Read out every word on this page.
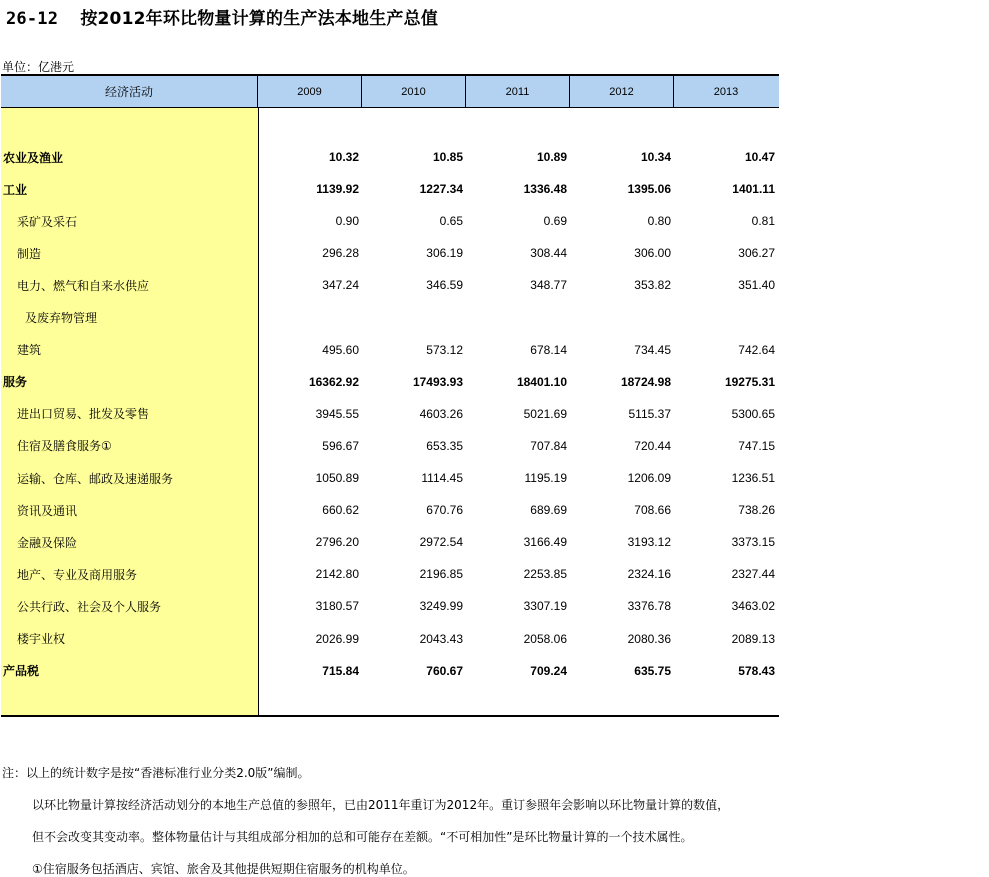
26-12 按2012年环比物量计算的生产法本地生产总值
单位：亿港元
经济活动	2009	2010	2011	2012	2013
农业及渔业	10.32	10.85	10.89	10.34	10.47
工业	1139.92	1227.34	1336.48	1395.06	1401.11
采矿及采石	0.90	0.65	0.69	0.80	0.81
制造	296.28	306.19	308.44	306.00	306.27
电力、燃气和自来水供应	347.24	346.59	348.77	353.82	351.40
及废弃物管理
建筑	495.60	573.12	678.14	734.45	742.64
服务	16362.92	17493.93	18401.10	18724.98	19275.31
进出口贸易、批发及零售	3945.55	4603.26	5021.69	5115.37	5300.65
住宿及膳食服务①	596.67	653.35	707.84	720.44	747.15
运输、仓库、邮政及速递服务	1050.89	1114.45	1195.19	1206.09	1236.51
资讯及通讯	660.62	670.76	689.69	708.66	738.26
金融及保险	2796.20	2972.54	3166.49	3193.12	3373.15
地产、专业及商用服务	2142.80	2196.85	2253.85	2324.16	2327.44
公共行政、社会及个人服务	3180.57	3249.99	3307.19	3376.78	3463.02
楼宇业权	2026.99	2043.43	2058.06	2080.36	2089.13
产品税	715.84	760.67	709.24	635.75	578.43
注：以上的统计数字是按“香港标准行业分类2.0版”编制。
以环比物量计算按经济活动划分的本地生产总值的参照年，已由2011年重订为2012年。重订参照年会影响以环比物量计算的数值，
但不会改变其变动率。整体物量估计与其组成部分相加的总和可能存在差额。“不可相加性”是环比物量计算的一个技术属性。
①住宿服务包括酒店、宾馆、旅舍及其他提供短期住宿服务的机构单位。
